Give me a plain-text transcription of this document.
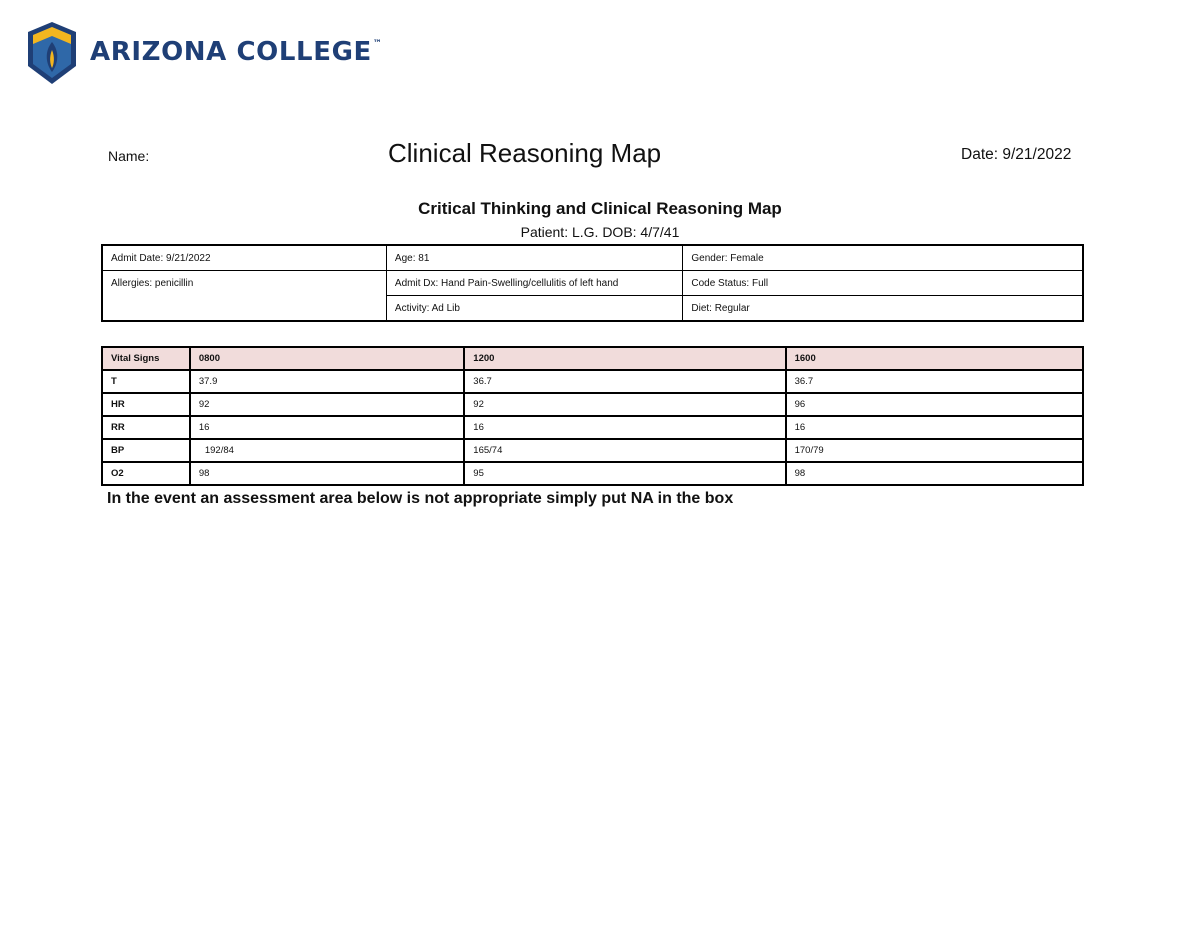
ARIZONA COLLEGE™
Name:	Clinical Reasoning Map	Date: 9/21/2022
Critical Thinking and Clinical Reasoning Map
Patient: L.G. DOB: 4/7/41
Admit Date: 9/21/2022	Age: 81	Gender: Female
Allergies: penicillin	Admit Dx: Hand Pain-Swelling/cellulitis of left hand	Code Status: Full
	Activity: Ad Lib	Diet: Regular
Vital Signs	0800	1200	1600
T	37.9	36.7	36.7
HR	92	92	96
RR	16	16	16
BP	192/84	165/74	170/79
O2	98	95	98
In the event an assessment area below is not appropriate simply put NA in the box
